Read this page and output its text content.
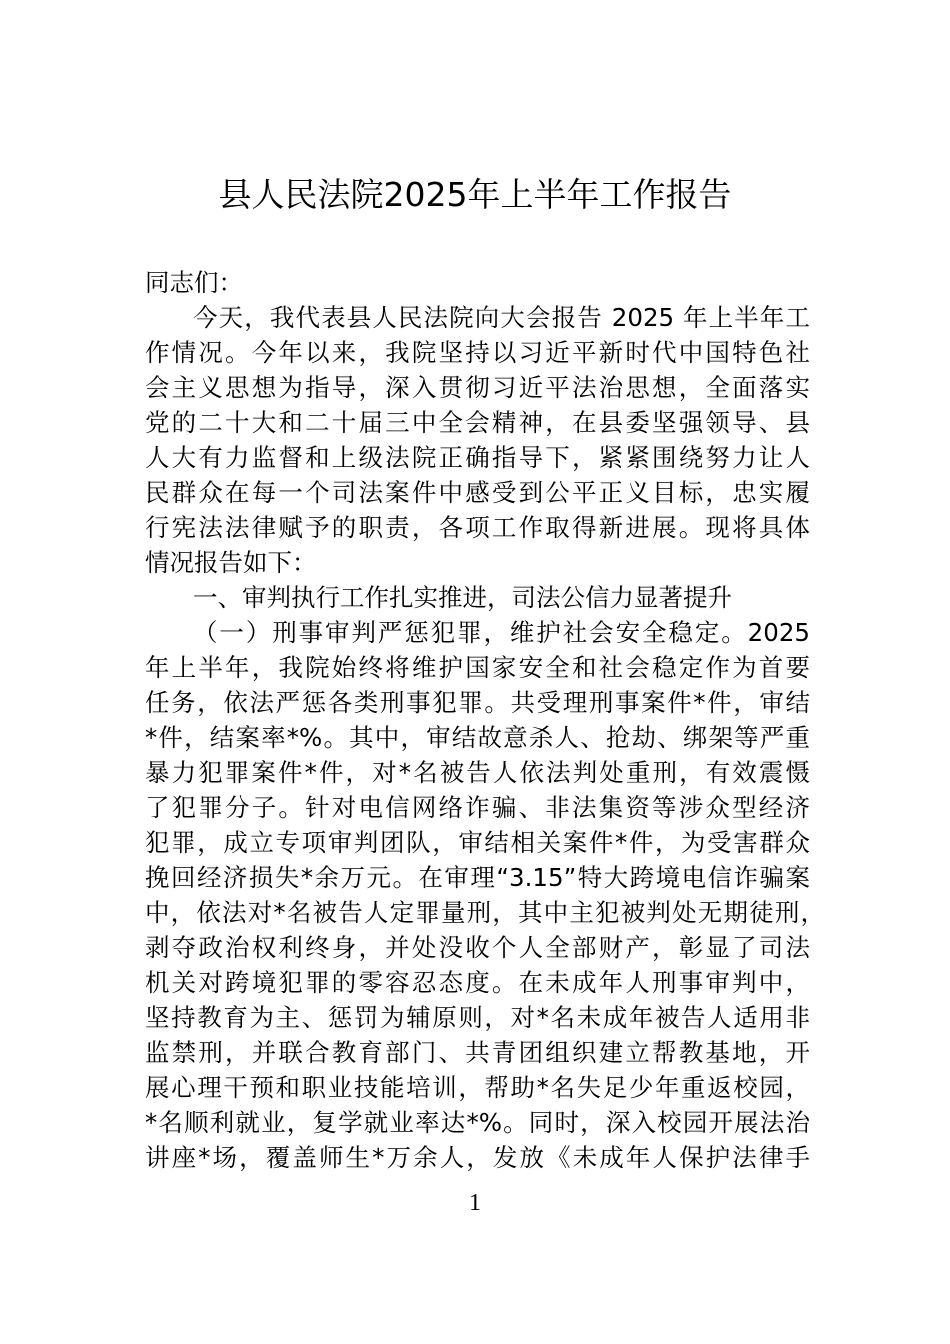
县人民法院2025年上半年工作报告
同志们：
今天，我代表县人民法院向大会报告 2025 年上半年工
作情况。今年以来，我院坚持以习近平新时代中国特色社
会主义思想为指导，深入贯彻习近平法治思想，全面落实
党的二十大和二十届三中全会精神，在县委坚强领导、县
人大有力监督和上级法院正确指导下，紧紧围绕努力让人
民群众在每一个司法案件中感受到公平正义目标，忠实履
行宪法法律赋予的职责，各项工作取得新进展。现将具体
情况报告如下：
一、审判执行工作扎实推进，司法公信力显著提升
（一）刑事审判严惩犯罪，维护社会安全稳定。2025
年上半年，我院始终将维护国家安全和社会稳定作为首要
任务，依法严惩各类刑事犯罪。共受理刑事案件*件，审结
*件，结案率*%。其中，审结故意杀人、抢劫、绑架等严重
暴力犯罪案件*件，对*名被告人依法判处重刑，有效震慑
了犯罪分子。针对电信网络诈骗、非法集资等涉众型经济
犯罪，成立专项审判团队，审结相关案件*件，为受害群众
挽回经济损失*余万元。在审理“3.15”特大跨境电信诈骗案
中，依法对*名被告人定罪量刑，其中主犯被判处无期徒刑，
剥夺政治权利终身，并处没收个人全部财产，彰显了司法
机关对跨境犯罪的零容忍态度。在未成年人刑事审判中，
坚持教育为主、惩罚为辅原则，对*名未成年被告人适用非
监禁刑，并联合教育部门、共青团组织建立帮教基地，开
展心理干预和职业技能培训，帮助*名失足少年重返校园，
*名顺利就业，复学就业率达*%。同时，深入校园开展法治
讲座*场，覆盖师生*万余人，发放《未成年人保护法律手
1
